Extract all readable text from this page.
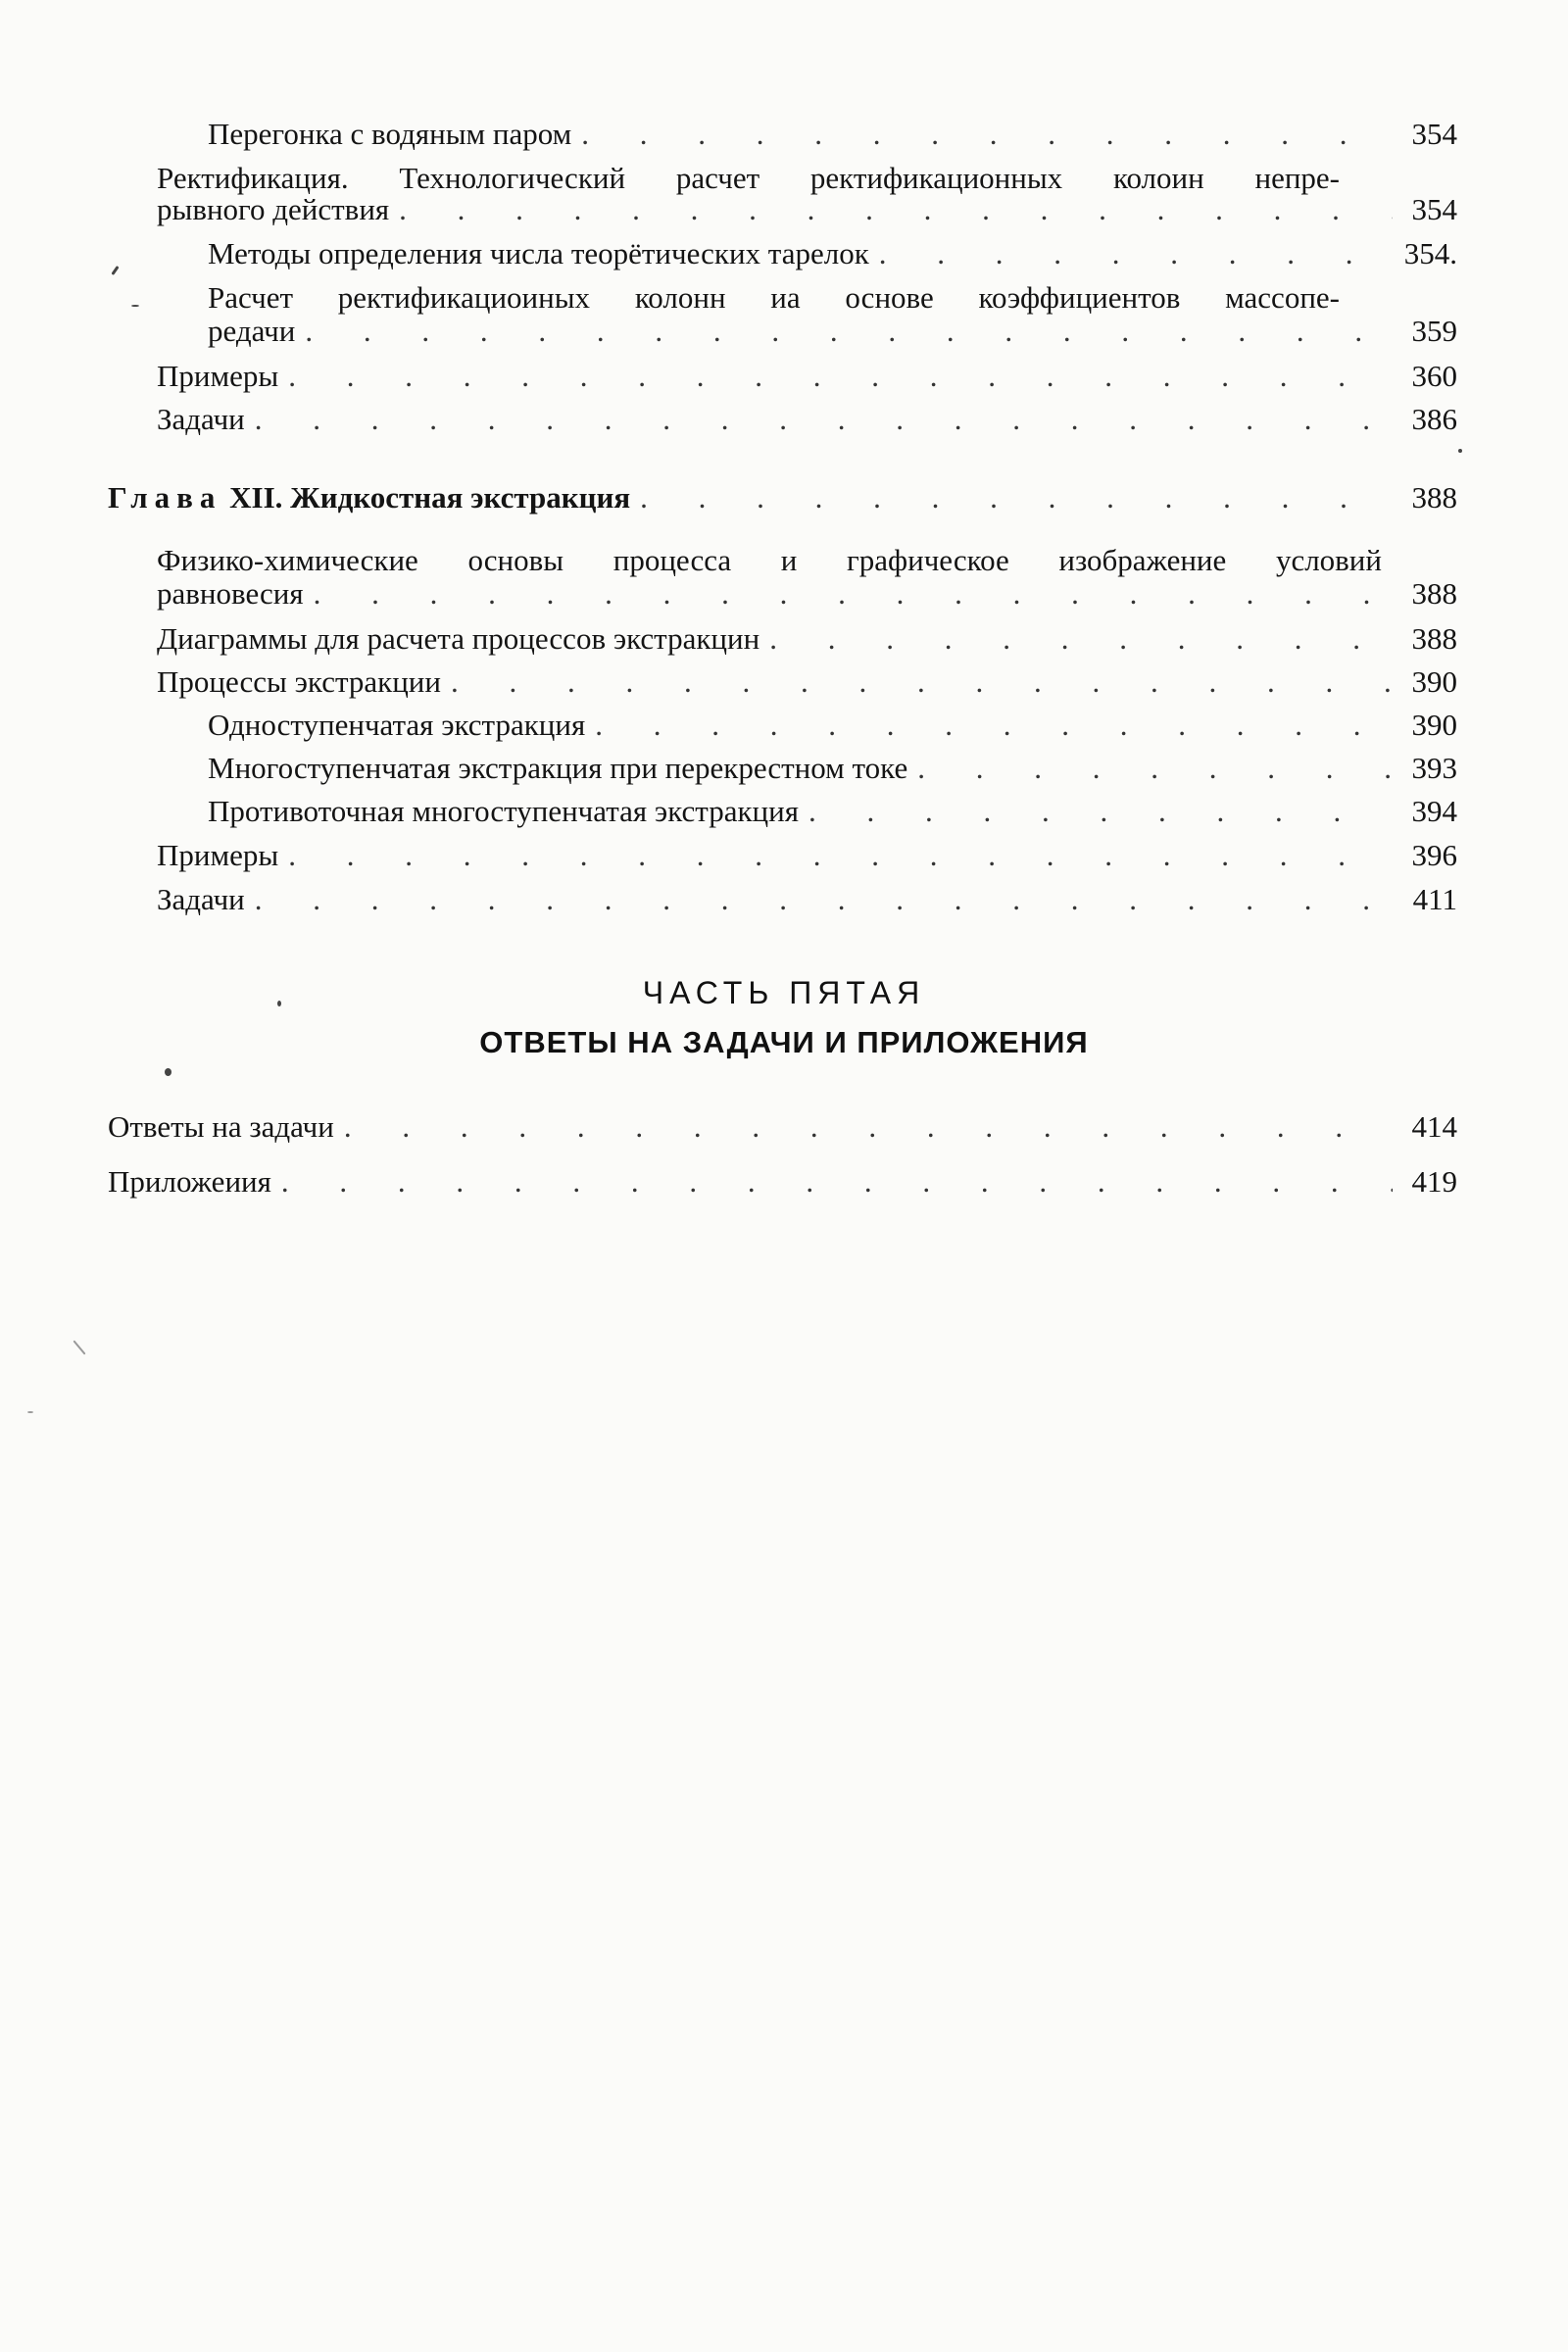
Перегонка с водяным паром . . .	354
Ректификация. Технологический расчет ректификационных колоин непре-
рывного действия . . .	354
Методы определения числа теорётических тарелок . . .	354.
Расчет ректификациоиных колонн иа основе коэффициентов массопе-
редачи . . .	359
Примеры . . .	360
Задачи . . .	386
Глава XII. Жидкостная экстракция . . .	388
Физико-химические основы процесса и графическое изображение условий
равновесия . . .	388
Диаграммы для расчета процессов экстракцин . . .	388
Процессы экстракции . . .	390
Одноступенчатая экстракция . . .	390
Многоступенчатая экстракция при перекрестном токе . . .	393
Противоточная многоступенчатая экстракция . . .	394
Примеры . . .	396
Задачи . . .	411
ЧАСТЬ ПЯТАЯ
ОТВЕТЫ НА ЗАДАЧИ И ПРИЛОЖЕНИЯ
Ответы на задачи . . .	414
Приложеиия . . .	419
